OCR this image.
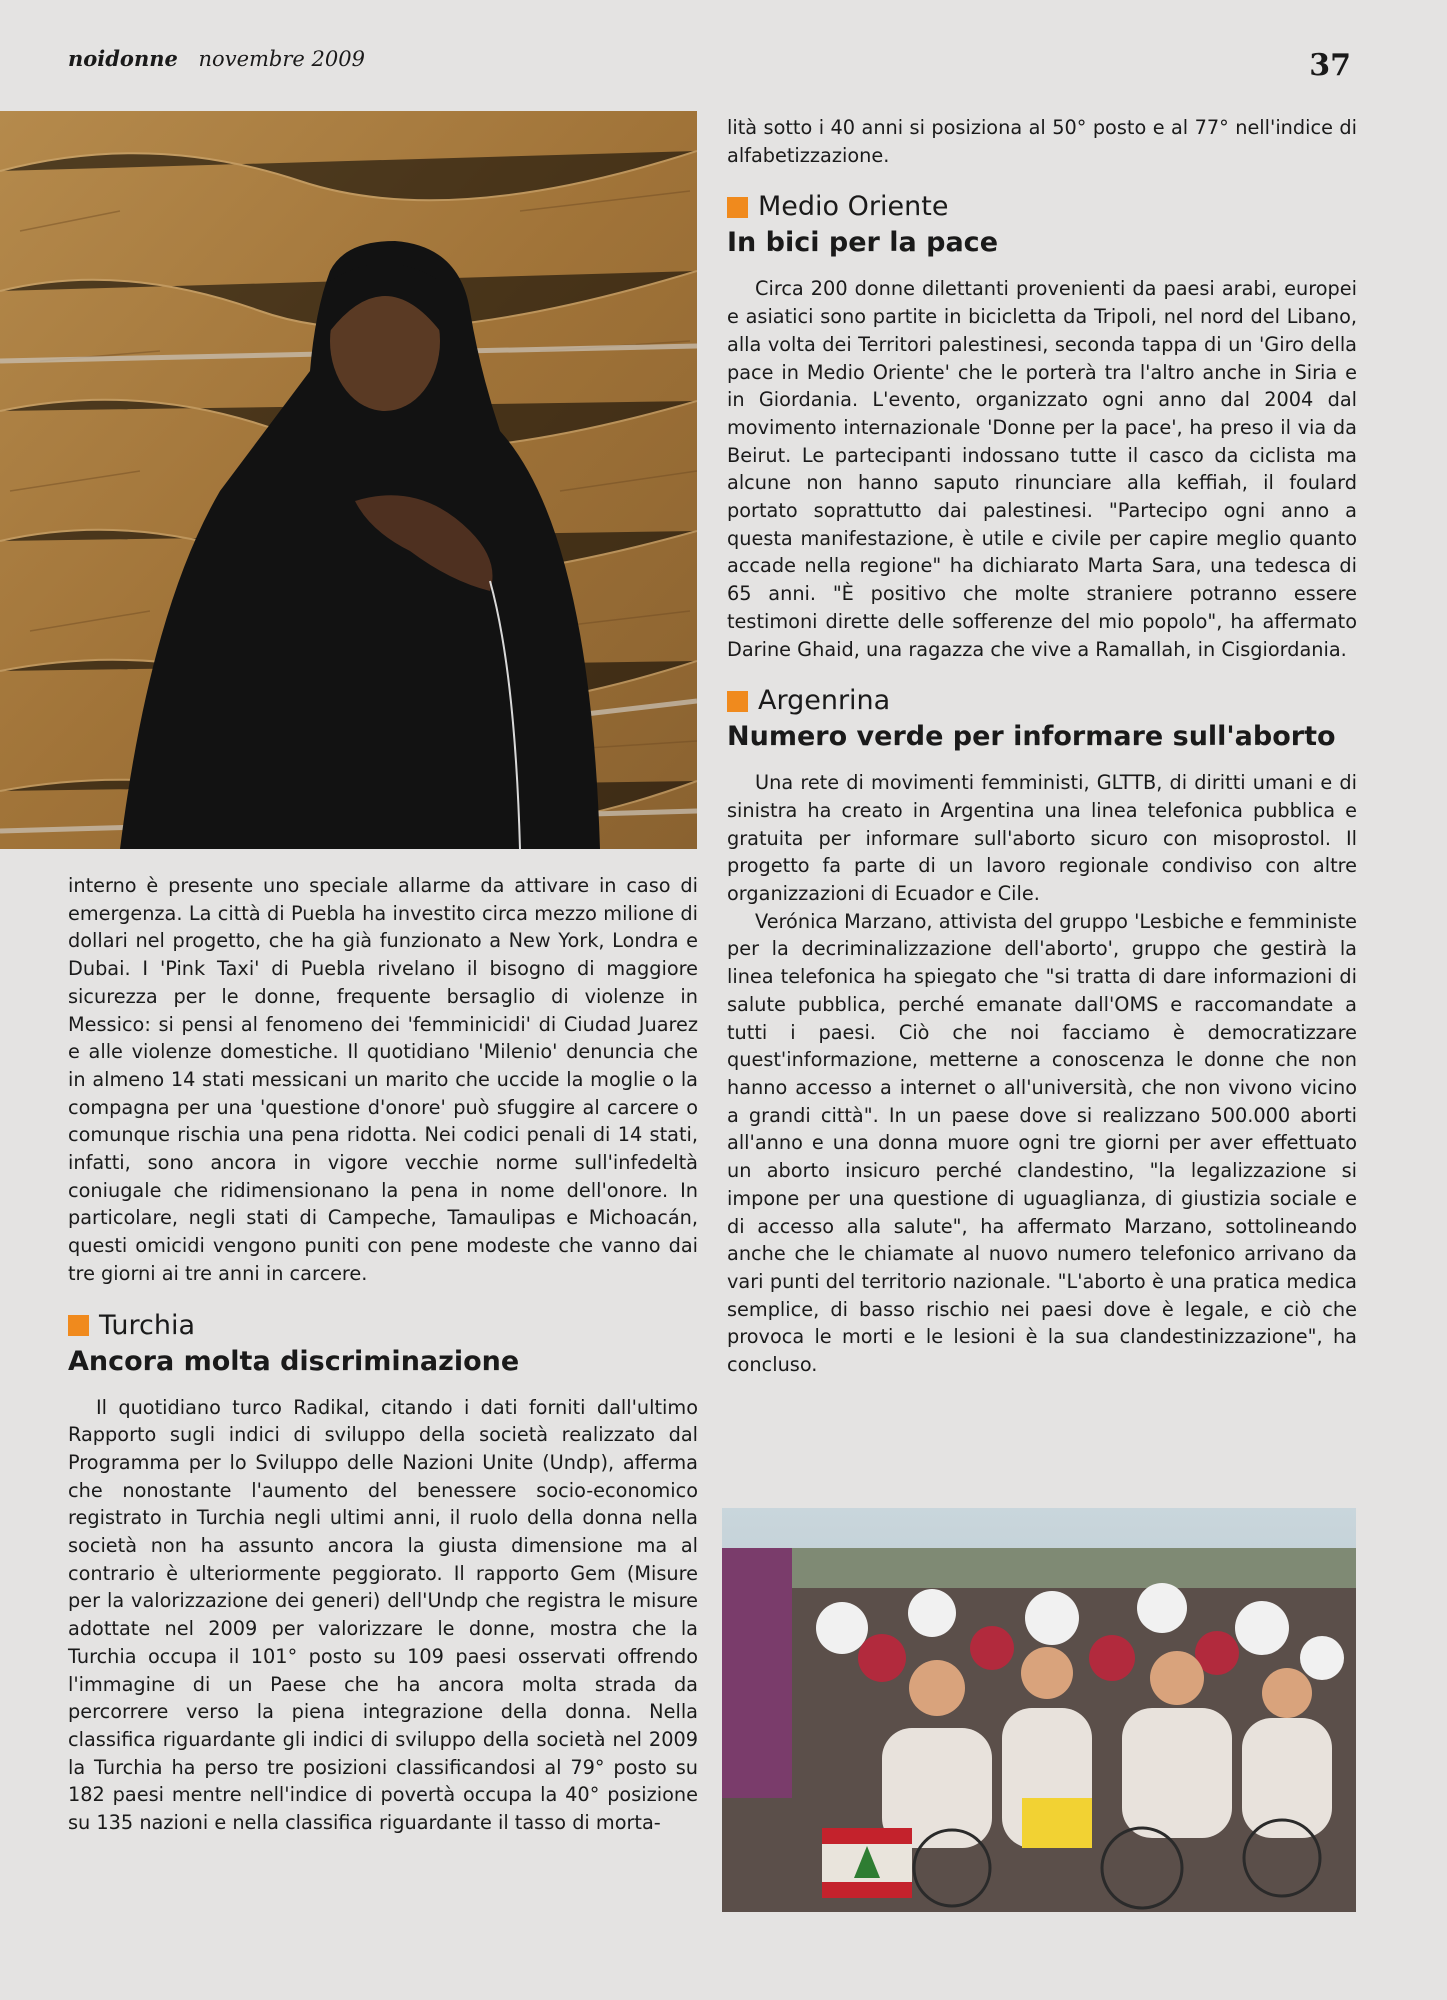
noidonne novembre 2009	37

interno è presente uno speciale allarme da attivare in caso di emergenza. La città di Puebla ha investito circa mezzo milione di dollari nel progetto, che ha già funzionato a New York, Londra e Dubai. I 'Pink Taxi' di Puebla rivelano il bisogno di maggiore sicurezza per le donne, frequente bersaglio di violenze in Messico: si pensi al fenomeno dei 'femminicidi' di Ciudad Juarez e alle violenze domestiche. Il quotidiano 'Milenio' denuncia che in almeno 14 stati messicani un marito che uccide la moglie o la compagna per una 'questione d'onore' può sfuggire al carcere o comunque rischia una pena ridotta. Nei codici penali di 14 stati, infatti, sono ancora in vigore vecchie norme sull'infedeltà coniugale che ridimensionano la pena in nome dell'onore. In particolare, negli stati di Campeche, Tamaulipas e Michoacán, questi omicidi vengono puniti con pene modeste che vanno dai tre giorni ai tre anni in carcere.

Turchia
Ancora molta discriminazione

Il quotidiano turco Radikal, citando i dati forniti dall'ultimo Rapporto sugli indici di sviluppo della società realizzato dal Programma per lo Sviluppo delle Nazioni Unite (Undp), afferma che nonostante l'aumento del benessere socio-economico registrato in Turchia negli ultimi anni, il ruolo della donna nella società non ha assunto ancora la giusta dimensione ma al contrario è ulteriormente peggiorato. Il rapporto Gem (Misure per la valorizzazione dei generi) dell'Undp che registra le misure adottate nel 2009 per valorizzare le donne, mostra che la Turchia occupa il 101° posto su 109 paesi osservati offrendo l'immagine di un Paese che ha ancora molta strada da percorrere verso la piena integrazione della donna. Nella classifica riguardante gli indici di sviluppo della società nel 2009 la Turchia ha perso tre posizioni classificandosi al 79° posto su 182 paesi mentre nell'indice di povertà occupa la 40° posizione su 135 nazioni e nella classifica riguardante il tasso di morta-

lità sotto i 40 anni si posiziona al 50° posto e al 77° nell'indice di alfabetizzazione.

Medio Oriente
In bici per la pace

Circa 200 donne dilettanti provenienti da paesi arabi, europei e asiatici sono partite in bicicletta da Tripoli, nel nord del Libano, alla volta dei Territori palestinesi, seconda tappa di un 'Giro della pace in Medio Oriente' che le porterà tra l'altro anche in Siria e in Giordania. L'evento, organizzato ogni anno dal 2004 dal movimento internazionale 'Donne per la pace', ha preso il via da Beirut. Le partecipanti indossano tutte il casco da ciclista ma alcune non hanno saputo rinunciare alla keffiah, il foulard portato soprattutto dai palestinesi. "Partecipo ogni anno a questa manifestazione, è utile e civile per capire meglio quanto accade nella regione" ha dichiarato Marta Sara, una tedesca di 65 anni. "È positivo che molte straniere potranno essere testimoni dirette delle sofferenze del mio popolo", ha affermato Darine Ghaid, una ragazza che vive a Ramallah, in Cisgiordania.

Argenrina
Numero verde per informare sull'aborto

Una rete di movimenti femministi, GLTTB, di diritti umani e di sinistra ha creato in Argentina una linea telefonica pubblica e gratuita per informare sull'aborto sicuro con misoprostol. Il progetto fa parte di un lavoro regionale condiviso con altre organizzazioni di Ecuador e Cile.

Verónica Marzano, attivista del gruppo 'Lesbiche e femministe per la decriminalizzazione dell'aborto', gruppo che gestirà la linea telefonica ha spiegato che "si tratta di dare informazioni di salute pubblica, perché emanate dall'OMS e raccomandate a tutti i paesi. Ciò che noi facciamo è democratizzare quest'informazione, metterne a conoscenza le donne che non hanno accesso a internet o all'università, che non vivono vicino a grandi città". In un paese dove si realizzano 500.000 aborti all'anno e una donna muore ogni tre giorni per aver effettuato un aborto insicuro perché clandestino, "la legalizzazione si impone per una questione di uguaglianza, di giustizia sociale e di accesso alla salute", ha affermato Marzano, sottolineando anche che le chiamate al nuovo numero telefonico arrivano da vari punti del territorio nazionale. "L'aborto è una pratica medica semplice, di basso rischio nei paesi dove è legale, e ciò che provoca le morti e le lesioni è la sua clandestinizzazione", ha concluso.
